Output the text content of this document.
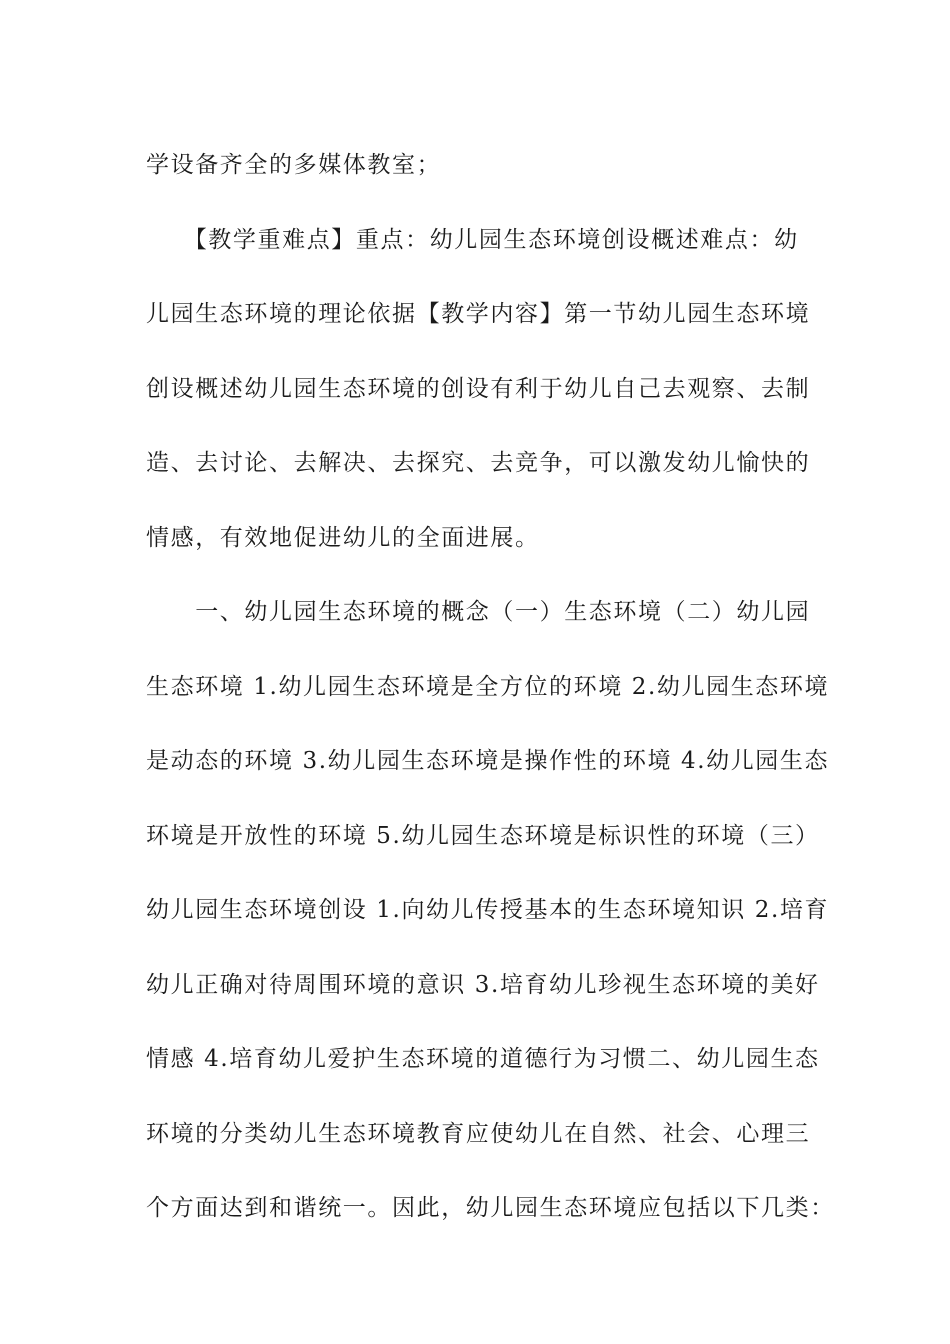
学设备齐全的多媒体教室；

　　【教学重难点】重点：幼儿园生态环境创设概述难点：幼
儿园生态环境的理论依据【教学内容】第一节幼儿园生态环境
创设概述幼儿园生态环境的创设有利于幼儿自己去观察、去制
造、去讨论、去解决、去探究、去竞争，可以激发幼儿愉快的
情感，有效地促进幼儿的全面进展。

　　一、幼儿园生态环境的概念（一）生态环境（二）幼儿园
生态环境 1.幼儿园生态环境是全方位的环境 2.幼儿园生态环境
是动态的环境 3.幼儿园生态环境是操作性的环境 4.幼儿园生态
环境是开放性的环境 5.幼儿园生态环境是标识性的环境（三）
幼儿园生态环境创设 1.向幼儿传授基本的生态环境知识 2.培育
幼儿正确对待周围环境的意识 3.培育幼儿珍视生态环境的美好
情感 4.培育幼儿爱护生态环境的道德行为习惯二、幼儿园生态
环境的分类幼儿生态环境教育应使幼儿在自然、社会、心理三
个方面达到和谐统一。因此，幼儿园生态环境应包括以下几类：
